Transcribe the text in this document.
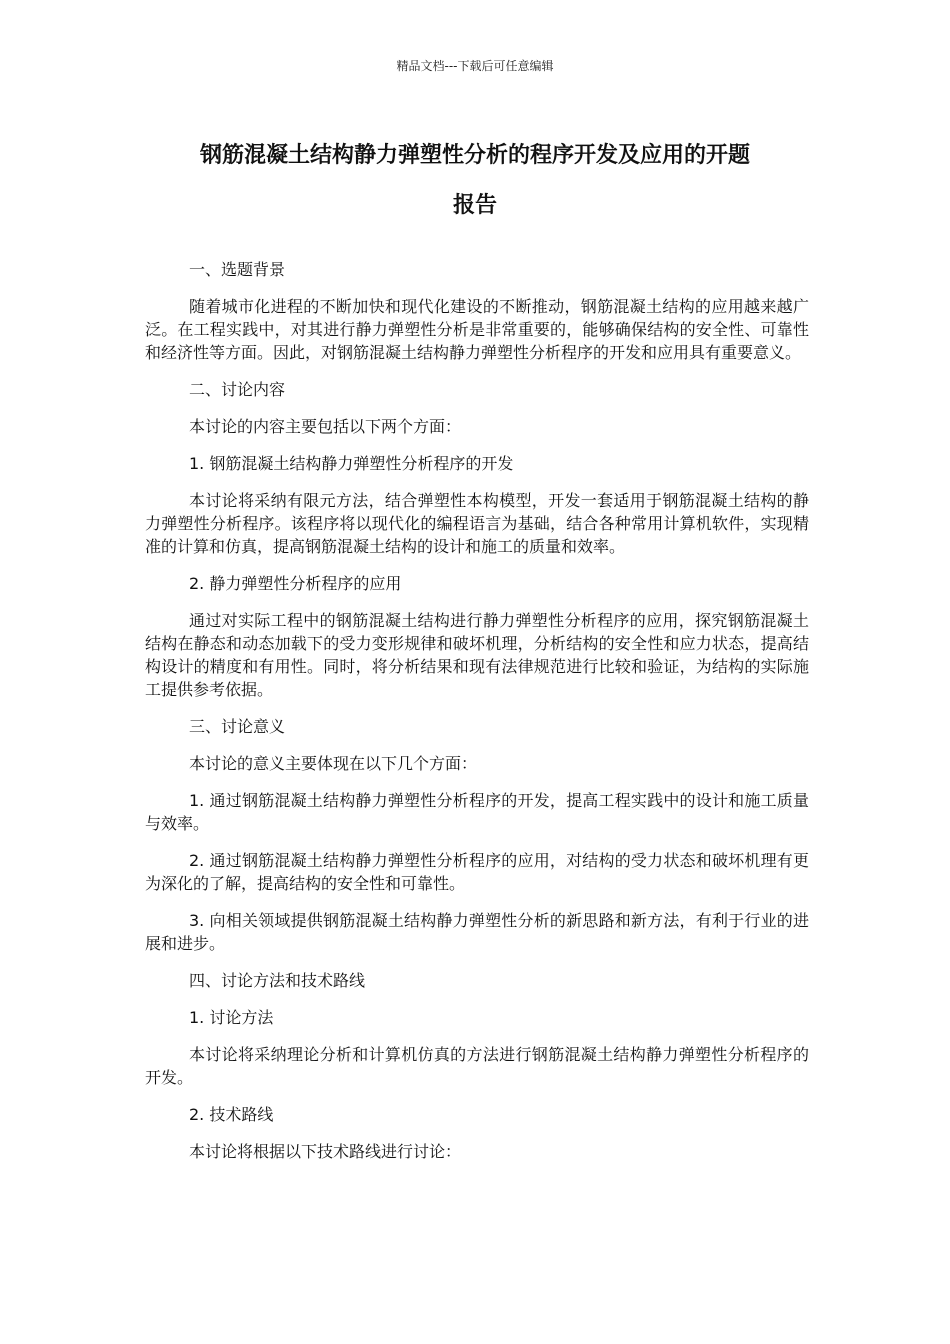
精品文档---下载后可任意编辑
钢筋混凝土结构静力弹塑性分析的程序开发及应用的开题
报告

一、选题背景

随着城市化进程的不断加快和现代化建设的不断推动，钢筋混凝土结构的应用越来越广泛。在工程实践中，对其进行静力弹塑性分析是非常重要的，能够确保结构的安全性、可靠性和经济性等方面。因此，对钢筋混凝土结构静力弹塑性分析程序的开发和应用具有重要意义。

二、讨论内容

本讨论的内容主要包括以下两个方面：

1. 钢筋混凝土结构静力弹塑性分析程序的开发

本讨论将采纳有限元方法，结合弹塑性本构模型，开发一套适用于钢筋混凝土结构的静力弹塑性分析程序。该程序将以现代化的编程语言为基础，结合各种常用计算机软件，实现精准的计算和仿真，提高钢筋混凝土结构的设计和施工的质量和效率。

2. 静力弹塑性分析程序的应用

通过对实际工程中的钢筋混凝土结构进行静力弹塑性分析程序的应用，探究钢筋混凝土结构在静态和动态加载下的受力变形规律和破坏机理，分析结构的安全性和应力状态，提高结构设计的精度和有用性。同时，将分析结果和现有法律规范进行比较和验证，为结构的实际施工提供参考依据。

三、讨论意义

本讨论的意义主要体现在以下几个方面：

1. 通过钢筋混凝土结构静力弹塑性分析程序的开发，提高工程实践中的设计和施工质量与效率。

2. 通过钢筋混凝土结构静力弹塑性分析程序的应用，对结构的受力状态和破坏机理有更为深化的了解，提高结构的安全性和可靠性。

3. 向相关领域提供钢筋混凝土结构静力弹塑性分析的新思路和新方法，有利于行业的进展和进步。

四、讨论方法和技术路线

1. 讨论方法

本讨论将采纳理论分析和计算机仿真的方法进行钢筋混凝土结构静力弹塑性分析程序的开发。

2. 技术路线

本讨论将根据以下技术路线进行讨论：
